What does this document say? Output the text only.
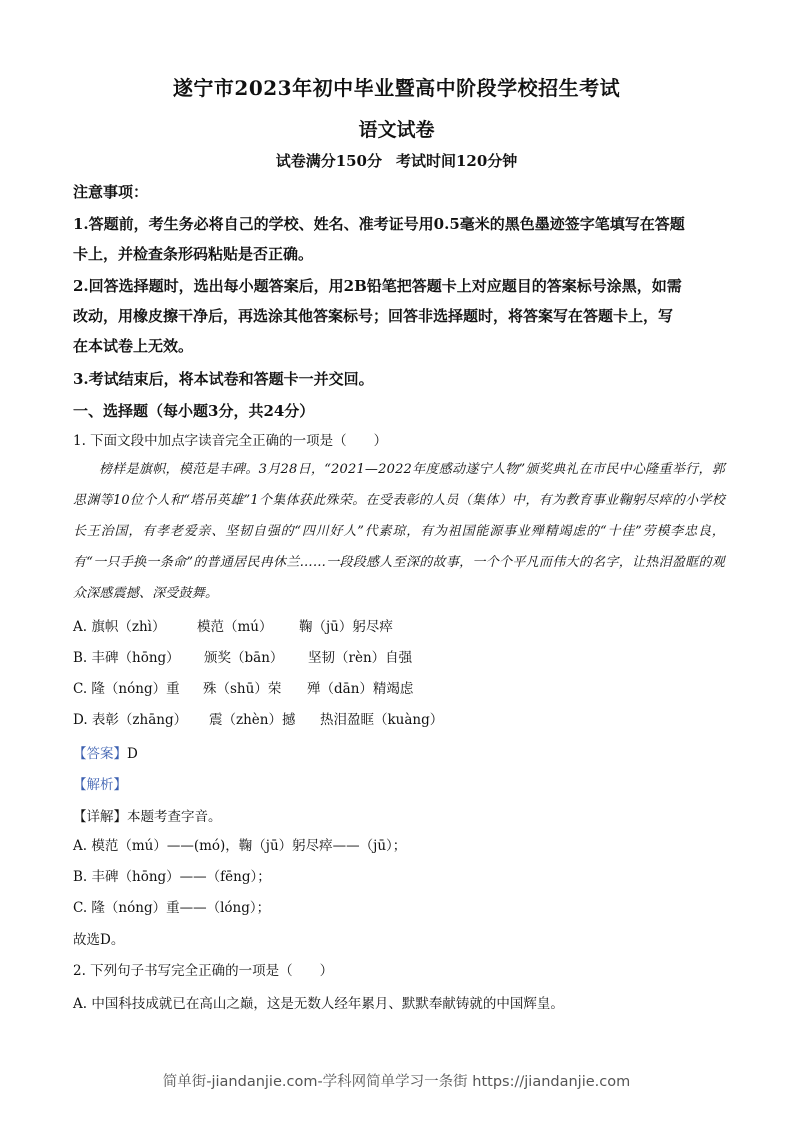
遂宁市2023年初中毕业暨高中阶段学校招生考试

语文试卷

试卷满分150分 考试时间120分钟

注意事项：

1.答题前，考生务必将自己的学校、姓名、准考证号用0.5毫米的黑色墨迹签字笔填写在答题

卡上，并检查条形码粘贴是否正确。

2.回答选择题时，选出每小题答案后，用2B铅笔把答题卡上对应题目的答案标号涂黑，如需

改动，用橡皮擦干净后，再选涂其他答案标号；回答非选择题时，将答案写在答题卡上，写

在本试卷上无效。

3.考试结束后，将本试卷和答题卡一并交回。

一、选择题（每小题3分，共24分）

1. 下面文段中加点字读音完全正确的一项是（　　）

榜样是旗帜，模范是丰碑。3月28日，“2021—2022年度感动遂宁人物”颁奖典礼在市民中心隆重举行，郭思渊等10位个人和“塔吊英雄”1个集体获此殊荣。在受表彰的人员（集体）中，有为教育事业鞠躬尽瘁的小学校长王治国，有孝老爱亲、坚韧自强的“四川好人”代素琼，有为祖国能源事业殚精竭虑的“十佳”劳模李忠良，有“一只手换一条命”的普通居民冉休兰……一段段感人至深的故事，一个个平凡而伟大的名字，让热泪盈眶的观众深感震撼、深受鼓舞。

A. 旗帜（zhì） 模范（mú） 鞠（jū）躬尽瘁

B. 丰碑（hōng） 颁奖（bān） 坚韧（rèn）自强

C. 隆（nóng）重 殊（shū）荣 殚（dān）精竭虑

D. 表彰（zhāng） 震（zhèn）撼 热泪盈眶（kuàng）

【答案】D

【解析】

【详解】本题考查字音。

A. 模范（mú）——(mó)，鞠（jū）躬尽瘁——（jū）；

B. 丰碑（hōng）——（fēng）；

C. 隆（nóng）重——（lóng）；

故选D。

2. 下列句子书写完全正确的一项是（　　）

A. 中国科技成就已在高山之巅，这是无数人经年累月、默默奉献铸就的中国辉皇。

简单街-jiandanjie.com-学科网简单学习一条街 https://jiandanjie.com
